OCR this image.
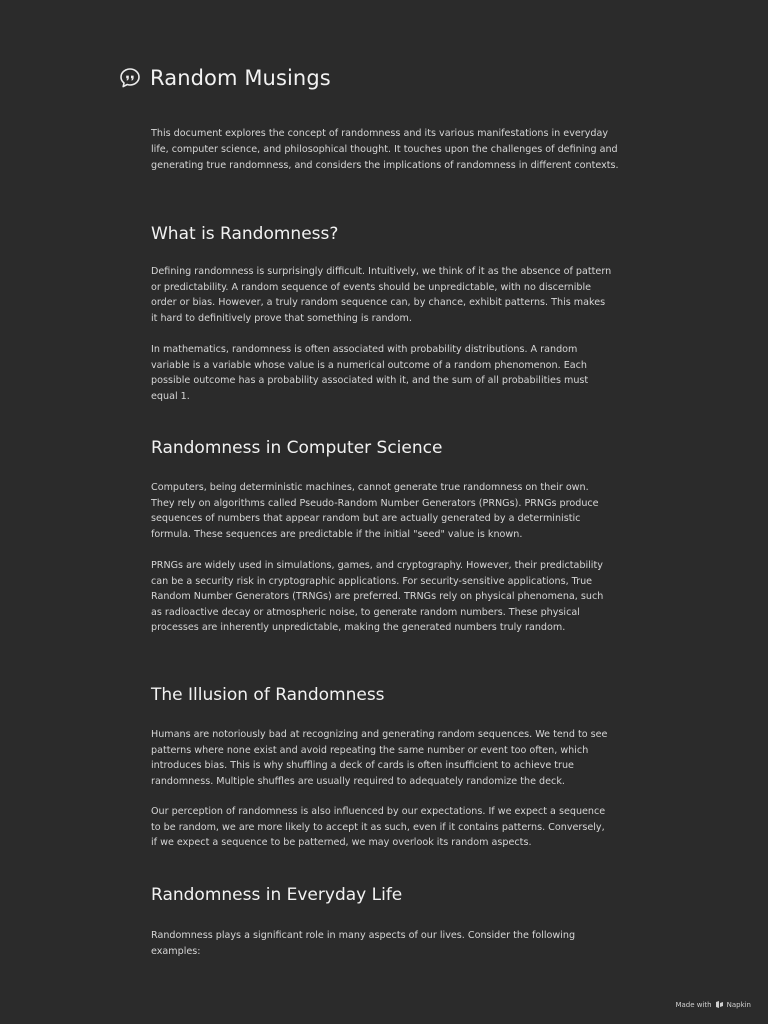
Random Musings

This document explores the concept of randomness and its various manifestations in everyday life, computer science, and philosophical thought. It touches upon the challenges of defining and generating true randomness, and considers the implications of randomness in different contexts.

What is Randomness?

Defining randomness is surprisingly difficult. Intuitively, we think of it as the absence of pattern or predictability. A random sequence of events should be unpredictable, with no discernible order or bias. However, a truly random sequence can, by chance, exhibit patterns. This makes it hard to definitively prove that something is random.

In mathematics, randomness is often associated with probability distributions. A random variable is a variable whose value is a numerical outcome of a random phenomenon. Each possible outcome has a probability associated with it, and the sum of all probabilities must equal 1.

Randomness in Computer Science

Computers, being deterministic machines, cannot generate true randomness on their own. They rely on algorithms called Pseudo-Random Number Generators (PRNGs). PRNGs produce sequences of numbers that appear random but are actually generated by a deterministic formula. These sequences are predictable if the initial "seed" value is known.

PRNGs are widely used in simulations, games, and cryptography. However, their predictability can be a security risk in cryptographic applications. For security-sensitive applications, True Random Number Generators (TRNGs) are preferred. TRNGs rely on physical phenomena, such as radioactive decay or atmospheric noise, to generate random numbers. These physical processes are inherently unpredictable, making the generated numbers truly random.

The Illusion of Randomness

Humans are notoriously bad at recognizing and generating random sequences. We tend to see patterns where none exist and avoid repeating the same number or event too often, which introduces bias. This is why shuffling a deck of cards is often insufficient to achieve true randomness. Multiple shuffles are usually required to adequately randomize the deck.

Our perception of randomness is also influenced by our expectations. If we expect a sequence to be random, we are more likely to accept it as such, even if it contains patterns. Conversely, if we expect a sequence to be patterned, we may overlook its random aspects.

Randomness in Everyday Life

Randomness plays a significant role in many aspects of our lives. Consider the following examples:

Made with Napkin
